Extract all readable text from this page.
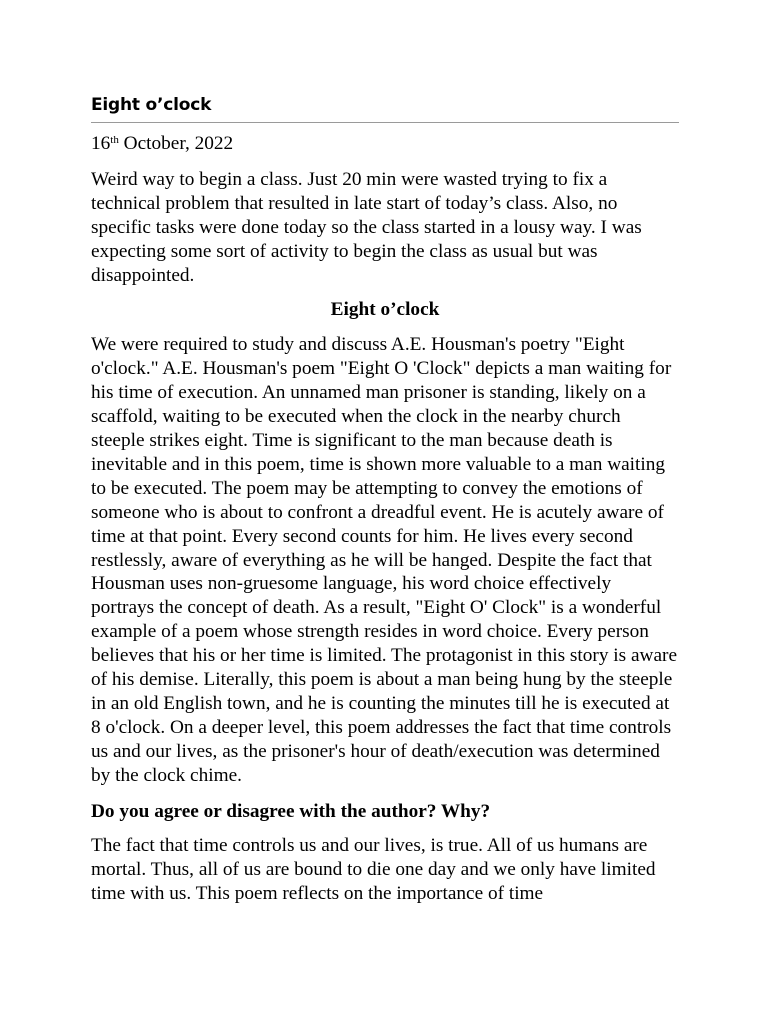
Eight o’clock

16th October, 2022

Weird way to begin a class. Just 20 min were wasted trying to fix a technical problem that resulted in late start of today’s class. Also, no specific tasks were done today so the class started in a lousy way. I was expecting some sort of activity to begin the class as usual but was disappointed.

Eight o’clock

We were required to study and discuss A.E. Housman's poetry "Eight o'clock." A.E. Housman's poem "Eight O 'Clock" depicts a man waiting for his time of execution. An unnamed man prisoner is standing, likely on a scaffold, waiting to be executed when the clock in the nearby church steeple strikes eight. Time is significant to the man because death is inevitable and in this poem, time is shown more valuable to a man waiting to be executed. The poem may be attempting to convey the emotions of someone who is about to confront a dreadful event. He is acutely aware of time at that point. Every second counts for him. He lives every second restlessly, aware of everything as he will be hanged. Despite the fact that Housman uses non-gruesome language, his word choice effectively portrays the concept of death. As a result, "Eight O' Clock" is a wonderful example of a poem whose strength resides in word choice. Every person believes that his or her time is limited. The protagonist in this story is aware of his demise. Literally, this poem is about a man being hung by the steeple in an old English town, and he is counting the minutes till he is executed at 8 o'clock. On a deeper level, this poem addresses the fact that time controls us and our lives, as the prisoner's hour of death/execution was determined by the clock chime.

Do you agree or disagree with the author? Why?

The fact that time controls us and our lives, is true. All of us humans are mortal. Thus, all of us are bound to die one day and we only have limited time with us. This poem reflects on the importance of time
